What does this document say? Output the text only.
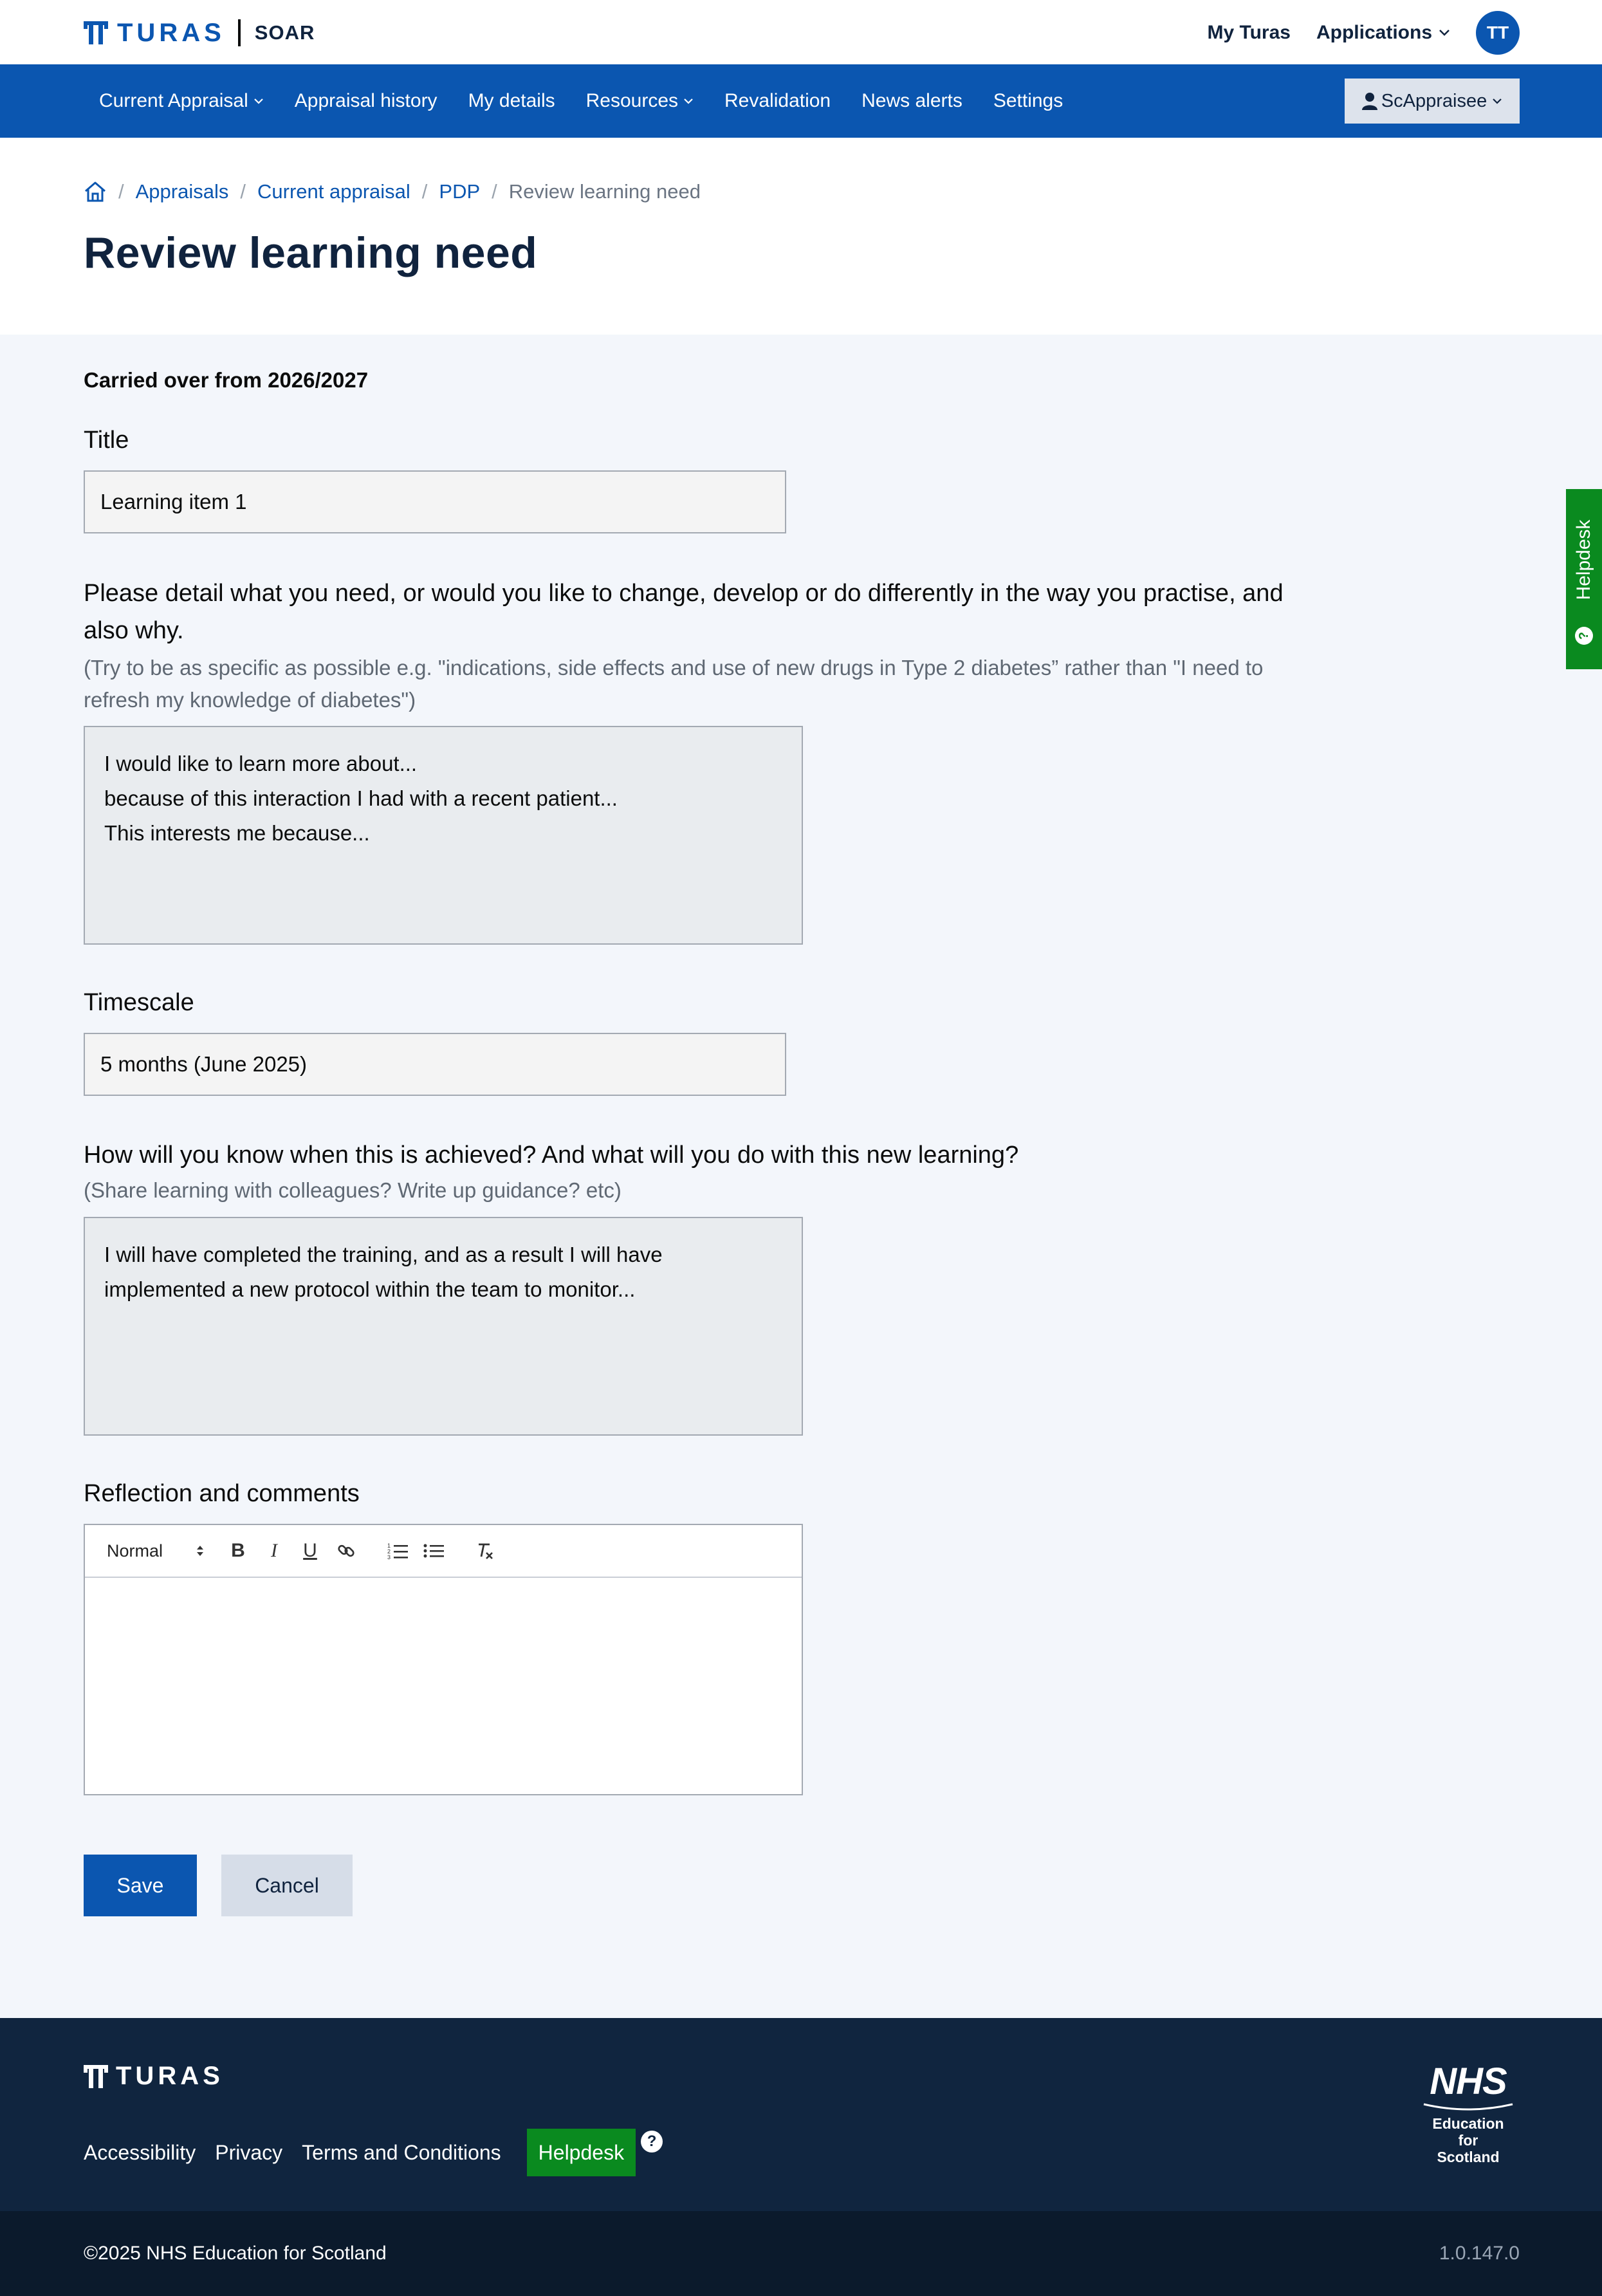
TURAS SOAR	My Turas Applications	TT
Current Appraisal Appraisal history My details Resources Revalidation News alerts Settings	ScAppraisee
/ Appraisals / Current appraisal / PDP / Review learning need
Review learning need
Carried over from 2026/2027
Title
Learning item 1
Please detail what you need, or would you like to change, develop or do differently in the way you practise, and also why.
(Try to be as specific as possible e.g. "indications, side effects and use of new drugs in Type 2 diabetes” rather than "I need to refresh my knowledge of diabetes")
I would like to learn more about...
because of this interaction I had with a recent patient...
This interests me because...
Timescale
5 months (June 2025)
How will you know when this is achieved? And what will you do with this new learning?
(Share learning with colleagues? Write up guidance? etc)
I will have completed the training, and as a result I will have implemented a new protocol within the team to monitor...
Reflection and comments
Normal	B	I	U	1
2
3
Save	Cancel
Helpdesk
?
TURAS
Accessibility Privacy Terms and Conditions	Helpdesk	?
NHS
Education
for
Scotland
©2025 NHS Education for Scotland	1.0.147.0
